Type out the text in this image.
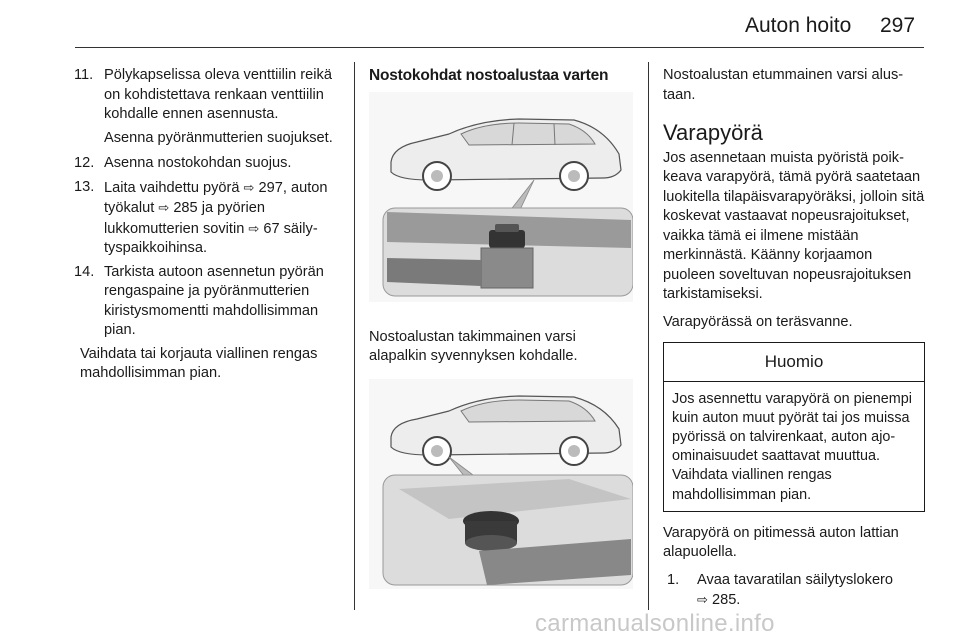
Auton hoito 297
11. Pölykapselissa oleva venttiilin reikä on kohdistettava renkaan venttiilin kohdalle ennen asennusta.
Asenna pyöränmutterien suojukset.
12. Asenna nostokohdan suojus.
13. Laita vaihdettu pyörä ⇨ 297, auton työkalut ⇨ 285 ja pyörien lukkomutterien sovitin ⇨ 67 säilytyspaikkoihinsa.
14. Tarkista autoon asennetun pyörän rengaspaine ja pyöränmutterien kiristysmomentti mahdollisimman pian.
Vaihdata tai korjauta viallinen rengas mahdollisimman pian.
Nostokohdat nostoalustaa varten
Nostoalustan takimmainen varsi alapalkin syvennyksen kohdalle.
Nostoalustan etummainen varsi alustaan.
Varapyörä
Jos asennetaan muista pyöristä poikkeava varapyörä, tämä pyörä saatetaan luokitella tilapäisvarapyöräksi, jolloin sitä koskevat vastaavat nopeusrajoitukset, vaikka tämä ei ilmene mistään merkinnästä. Käänny korjaamon puoleen soveltuvan nopeusrajoituksen tarkistamiseksi.
Varapyörässä on teräsvanne.
Huomio
Jos asennettu varapyörä on pienempi kuin auton muut pyörät tai jos muissa pyörissä on talvirenkaat, auton ajo-ominaisuudet saattavat muuttua. Vaihdata viallinen rengas mahdollisimman pian.
Varapyörä on pitimessä auton lattian alapuolella.
1. Avaa tavaratilan säilytyslokero
⇨ 285.
carmanualsonline.info
